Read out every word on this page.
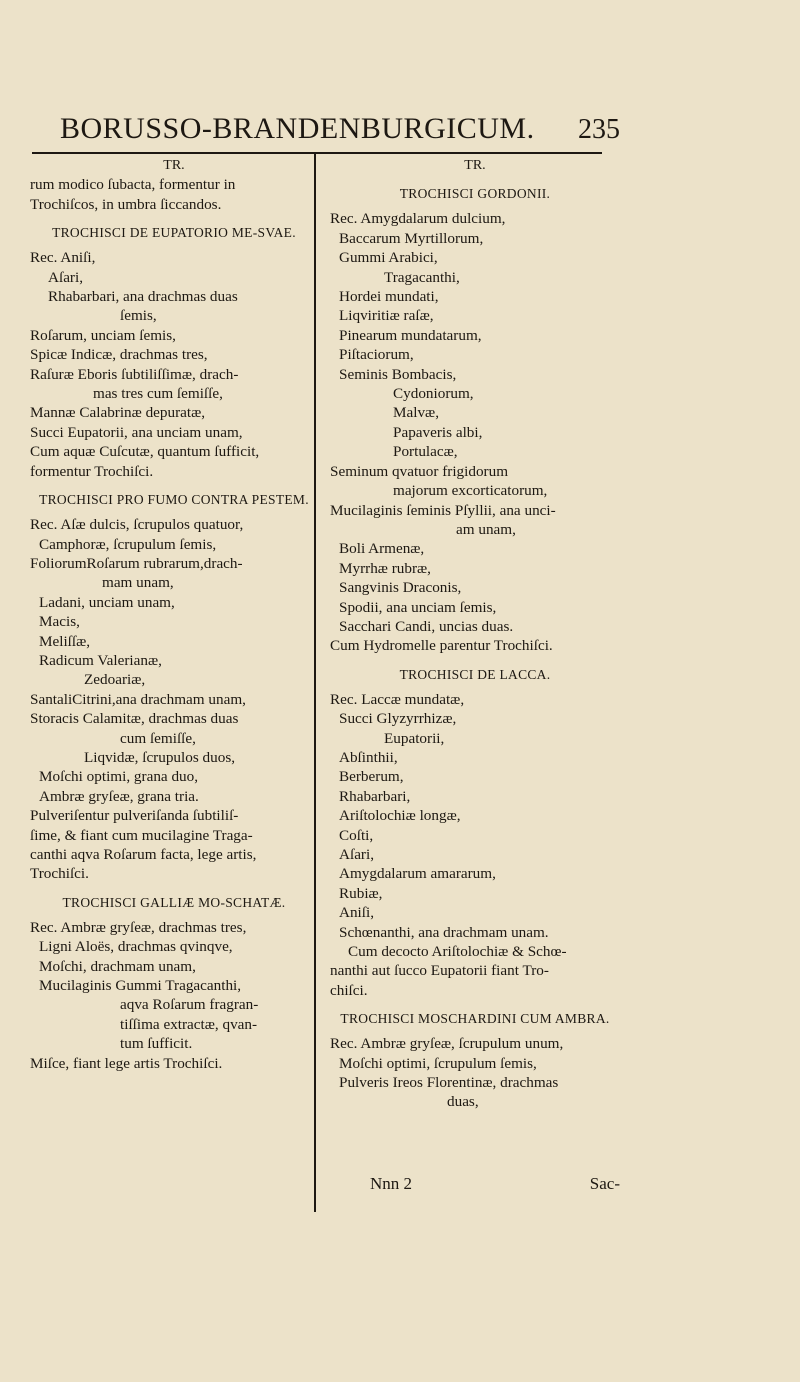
BORUSSO-BRANDENBURGICUM. 235
TR.
rum modico ſubacta, formentur in
Trochiſcos, in umbra ſiccandos.
TROCHISCI DE EUPATORIO ME-SVAE.
Rec. Aniſi,
Aſari,
Rhabarbari, ana drachmas duas
ſemis,
Roſarum, unciam ſemis,
Spicæ Indicæ, drachmas tres,
Raſuræ Eboris ſubtiliſſimæ, drach-
mas tres cum ſemiſſe,
Mannæ Calabrinæ depuratæ,
Succi Eupatorii, ana unciam unam,
Cum aquæ Cuſcutæ, quantum ſufficit,
formentur Trochiſci.
TROCHISCI PRO FUMO CONTRA PESTEM.
Rec. Aſæ dulcis, ſcrupulos quatuor,
Camphoræ, ſcrupulum ſemis,
FoliorumRoſarum rubrarum,drach-
mam unam,
Ladani, unciam unam,
Macis,
Meliſſæ,
Radicum Valerianæ,
Zedoariæ,
SantaliCitrini,ana drachmam unam,
Storacis Calamitæ, drachmas duas
cum ſemiſſe,
Liqvidæ, ſcrupulos duos,
Moſchi optimi, grana duo,
Ambræ gryſeæ, grana tria.
Pulveriſentur pulveriſanda ſubtiliſ-
ſime, & fiant cum mucilagine Traga-
canthi aqva Roſarum facta, lege artis,
Trochiſci.
TROCHISCI GALLIÆ MO-SCHATÆ.
Rec. Ambræ gryſeæ, drachmas tres,
Ligni Aloës, drachmas qvinqve,
Moſchi, drachmam unam,
Mucilaginis Gummi Tragacanthi,
aqva Roſarum fragran-
tiſſima extractæ, qvan-
tum ſufficit.
Miſce, fiant lege artis Trochiſci.
TR.
TROCHISCI GORDONII.
Rec. Amygdalarum dulcium,
Baccarum Myrtillorum,
Gummi Arabici,
Tragacanthi,
Hordei mundati,
Liqviritiæ raſæ,
Pinearum mundatarum,
Piſtaciorum,
Seminis Bombacis,
Cydoniorum,
Malvæ,
Papaveris albi,
Portulacæ,
Seminum qvatuor frigidorum
majorum excorticatorum,
Mucilaginis ſeminis Pſyllii, ana unci-
am unam,
Boli Armenæ,
Myrrhæ rubræ,
Sangvinis Draconis,
Spodii, ana unciam ſemis,
Sacchari Candi, uncias duas.
Cum Hydromelle parentur Trochiſci.
TROCHISCI DE LACCA.
Rec. Laccæ mundatæ,
Succi Glyzyrrhizæ,
Eupatorii,
Abſinthii,
Berberum,
Rhabarbari,
Ariſtolochiæ longæ,
Coſti,
Aſari,
Amygdalarum amararum,
Rubiæ,
Aniſi,
Schœnanthi, ana drachmam unam.
Cum decocto Ariſtolochiæ & Schœ-
nanthi aut ſucco Eupatorii fiant Tro-
chiſci.
TROCHISCI MOSCHARDINI CUM AMBRA.
Rec. Ambræ gryſeæ, ſcrupulum unum,
Moſchi optimi, ſcrupulum ſemis,
Pulveris Ireos Florentinæ, drachmas
duas,
Nnn 2	Sac-
